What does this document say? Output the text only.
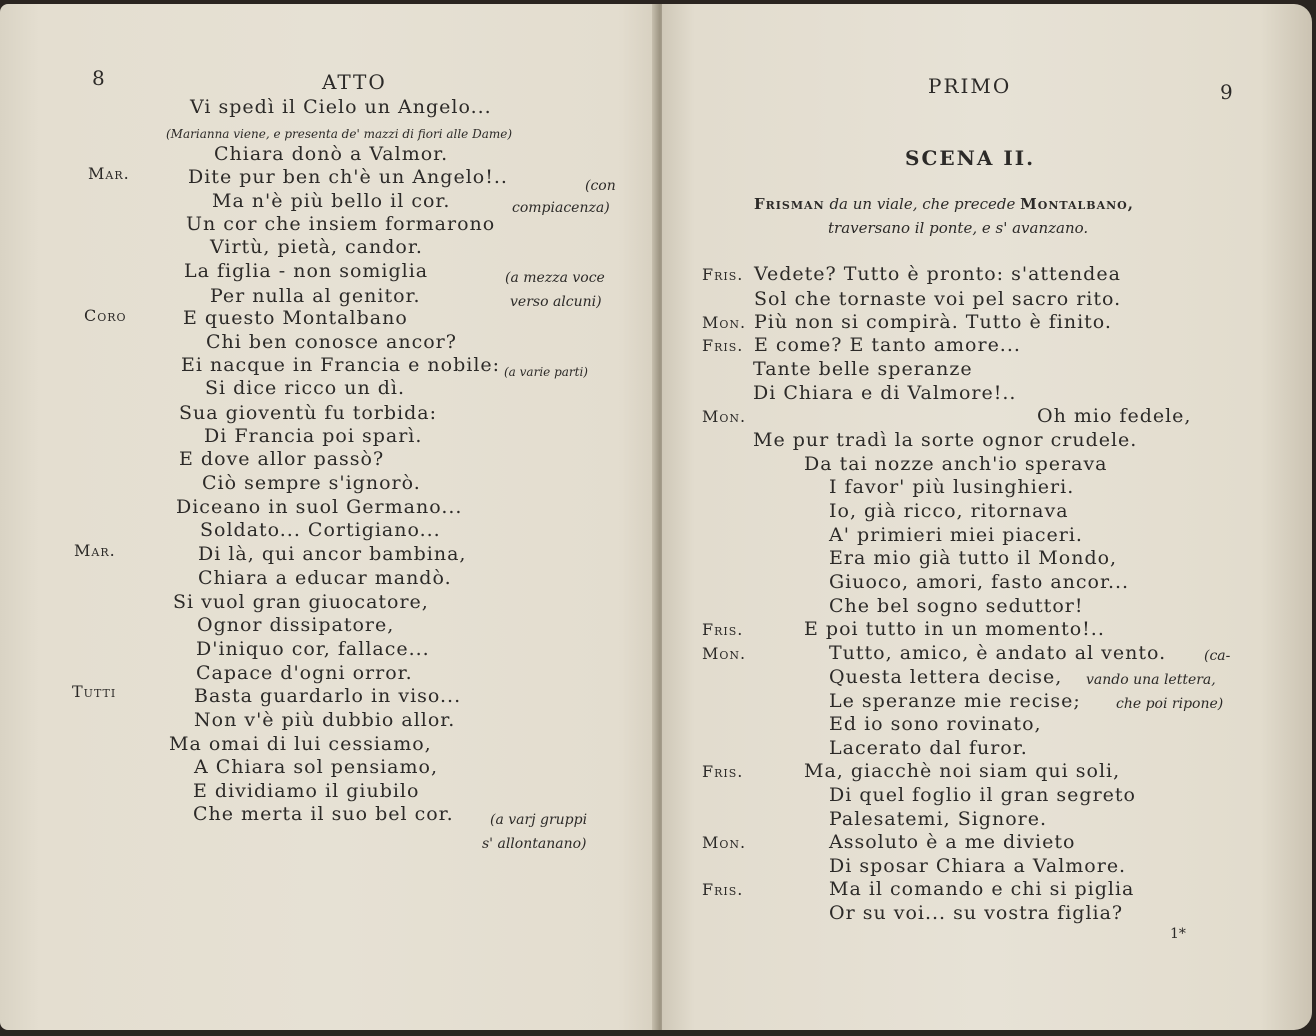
8	ATTO
Vi spedì il Cielo un Angelo...
(Marianna viene, e presenta de' mazzi di fiori alle Dame)
Chiara donò a Valmor.
Mar.	Dite pur ben ch'è un Angelo!..	(con
Ma n'è più bello il cor.	compiacenza)
Un cor che insiem formarono
Virtù, pietà, candor.
La figlia - non somiglia	(a mezza voce
Per nulla al genitor.	verso alcuni)
Coro	E questo Montalbano
Chi ben conosce ancor?
Ei nacque in Francia e nobile: (a varie parti)
Si dice ricco un dì.
Sua gioventù fu torbida:
Di Francia poi sparì.
E dove allor passò?
Ciò sempre s'ignorò.
Diceano in suol Germano...
Soldato... Cortigiano...
Mar.	Di là, qui ancor bambina,
Chiara a educar mandò.
Si vuol gran giuocatore,
Ognor dissipatore,
D'iniquo cor, fallace...
Capace d'ogni orror.
Tutti	Basta guardarlo in viso...
Non v'è più dubbio allor.
Ma omai di lui cessiamo,
A Chiara sol pensiamo,
E dividiamo il giubilo
Che merta il suo bel cor.	(a varj gruppi
s' allontanano)
PRIMO	9
SCENA II.
Frisman da un viale, che precede Montalbano,
traversano il ponte, e s' avanzano.
Fris. Vedete? Tutto è pronto: s'attendea
Sol che tornaste voi pel sacro rito.
Mon. Più non si compirà. Tutto è finito.
Fris. E come? E tanto amore...
Tante belle speranze
Di Chiara e di Valmore!..
Mon.	Oh mio fedele,
Me pur tradì la sorte ognor crudele.
Da tai nozze anch'io sperava
I favor' più lusinghieri.
Io, già ricco, ritornava
A' primieri miei piaceri.
Era mio già tutto il Mondo,
Giuoco, amori, fasto ancor...
Che bel sogno seduttor!
Fris.	E poi tutto in un momento!..
Mon.	Tutto, amico, è andato al vento.	(ca-
Questa lettera decise, vando una lettera,
Le speranze mie recise;	che poi ripone)
Ed io sono rovinato,
Lacerato dal furor.
Fris.	Ma, giacchè noi siam qui soli,
Di quel foglio il gran segreto
Palesatemi, Signore.
Mon.	Assoluto è a me divieto
Di sposar Chiara a Valmore.
Fris.	Ma il comando e chi si piglia
Or su voi... su vostra figlia?
1*
